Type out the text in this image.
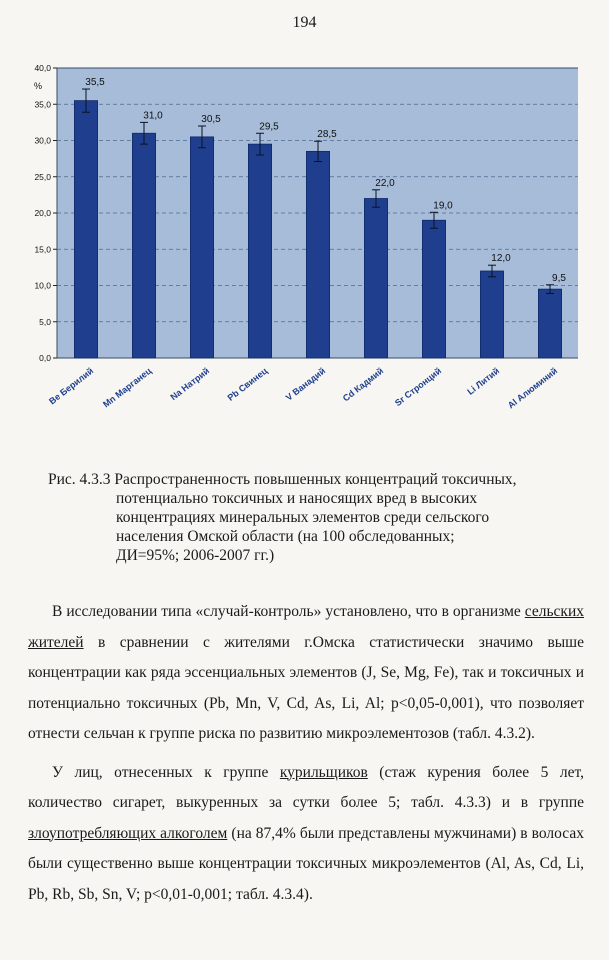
194
0,0
5,0
10,0
15,0
20,0
25,0
30,0
35,0
40,0
%	35,5
Be Берилий
31,0
Mn Марганец
30,5
Na Натрий
29,5
Pb Свинец
28,5
V Ванадий
22,0
Cd Кадмий
19,0
Sr Стронций
12,0
Li Литий
9,5
Al Алюминий
Рис. 4.3.3 Распространенность повышенных концентраций токсичных,
потенциально токсичных и наносящих вред в высоких
концентрациях минеральных элементов среди сельского
населения Омской области (на 100 обследованных;
ДИ=95%; 2006-2007 гг.)

В исследовании типа «случай-контроль» установлено, что в организме сельских жителей в сравнении с жителями г.Омска статистически значимо выше концентрации как ряда эссенциальных элементов (J, Se, Mg, Fe), так и токсичных и потенциально токсичных (Pb, Mn, V, Cd, As, Li, Al; p<0,05-0,001), что позволяет отнести сельчан к группе риска по развитию микроэлементозов (табл. 4.3.2).

У лиц, отнесенных к группе курильщиков (стаж курения более 5 лет, количество сигарет, выкуренных за сутки более 5; табл. 4.3.3) и в группе злоупотребляющих алкоголем (на 87,4% были представлены мужчинами) в волосах были существенно выше концентрации токсичных микроэлементов (Al, As, Cd, Li, Pb, Rb, Sb, Sn, V; p<0,01-0,001; табл. 4.3.4).
